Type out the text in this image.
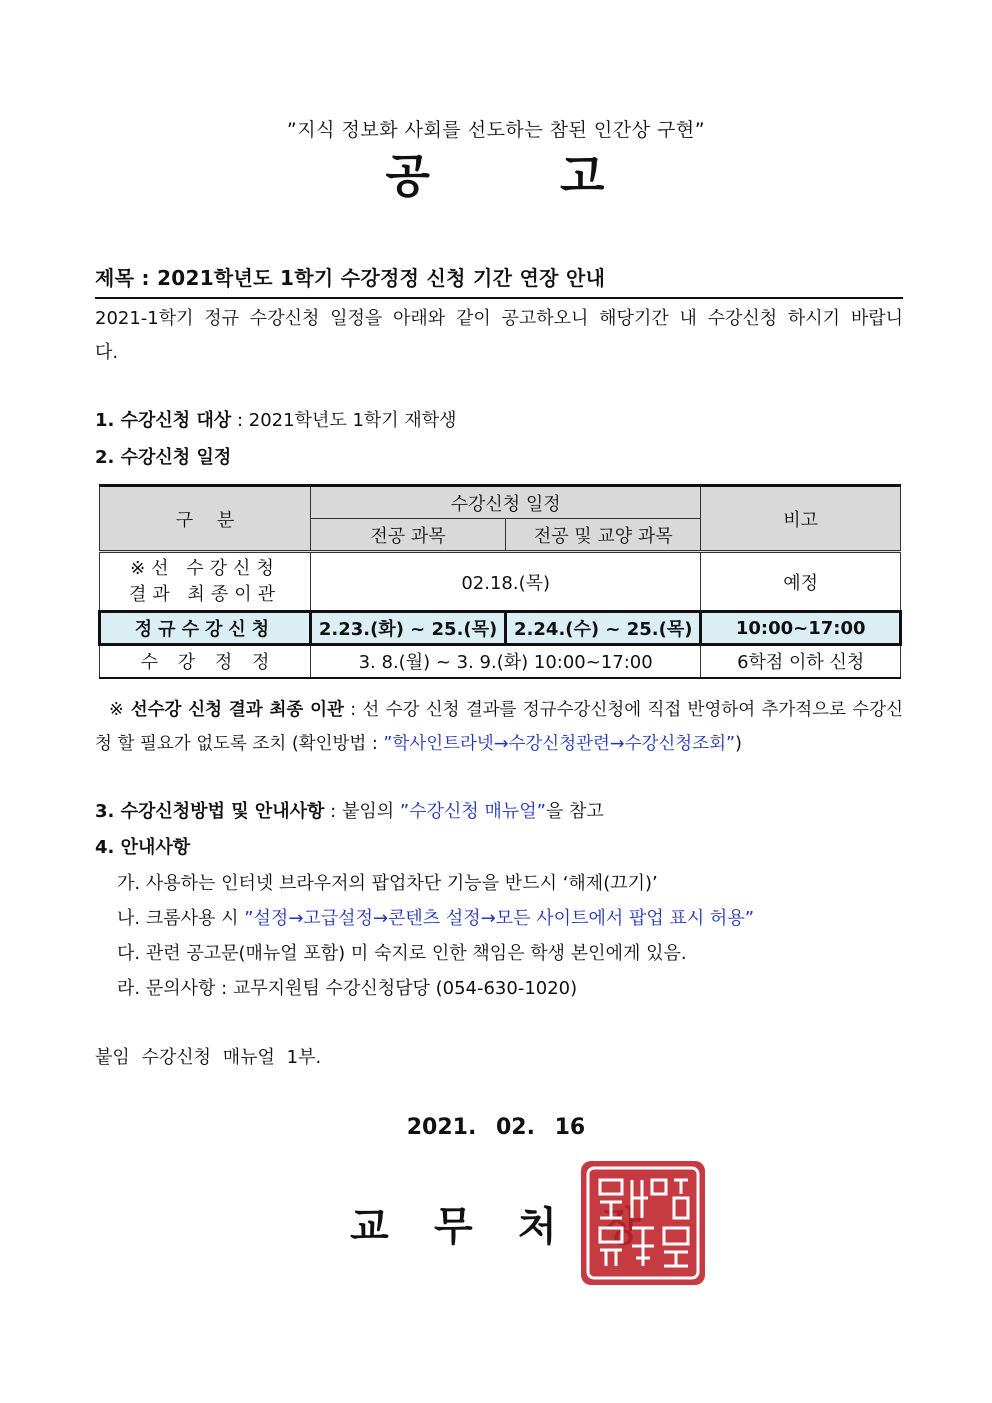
”지식 정보화 사회를 선도하는 참된 인간상 구현”
공 고
제목 : 2021학년도 1학기 수강정정 신청 기간 연장 안내
2021-1학기 정규 수강신청 일정을 아래와 같이 공고하오니 해당기간 내 수강신청 하시기 바랍니다.
1. 수강신청 대상 : 2021학년도 1학기 재학생
2. 수강신청 일정
구 분	수강신청 일정		비고
	전공 과목	전공 및 교양 과목	

※선 수강신청
결과 최종이관	02.18.(목)		예정
정규수강신청	2.23.(화) ~ 25.(목)	2.24.(수) ~ 25.(목)	10:00~17:00
수 강 정 정	3. 8.(월) ~ 3. 9.(화) 10:00~17:00		6학점 이하 신청
※ 선수강 신청 결과 최종 이관 : 선 수강 신청 결과를 정규수강신청에 직접 반영하여 추가적으로 수강신청 할 필요가 없도록 조치 (확인방법 : ”학사인트라넷→수강신청관련→수강신청조회”)
3. 수강신청방법 및 안내사항 : 붙임의 ”수강신청 매뉴얼”을 참고
4. 안내사항
가. 사용하는 인터넷 브라우저의 팝업차단 기능을 반드시 ‘해제(끄기)’
나. 크롬사용 시 ”설정→고급설정→콘텐츠 설정→모든 사이트에서 팝업 표시 허용”
다. 관련 공고문(매뉴얼 포함) 미 숙지로 인한 책임은 학생 본인에게 있음.
라. 문의사항 : 교무지원팀 수강신청담당 (054-630-1020)
붙임 수강신청 매뉴얼 1부.
2021. 02. 16
교 무 처
